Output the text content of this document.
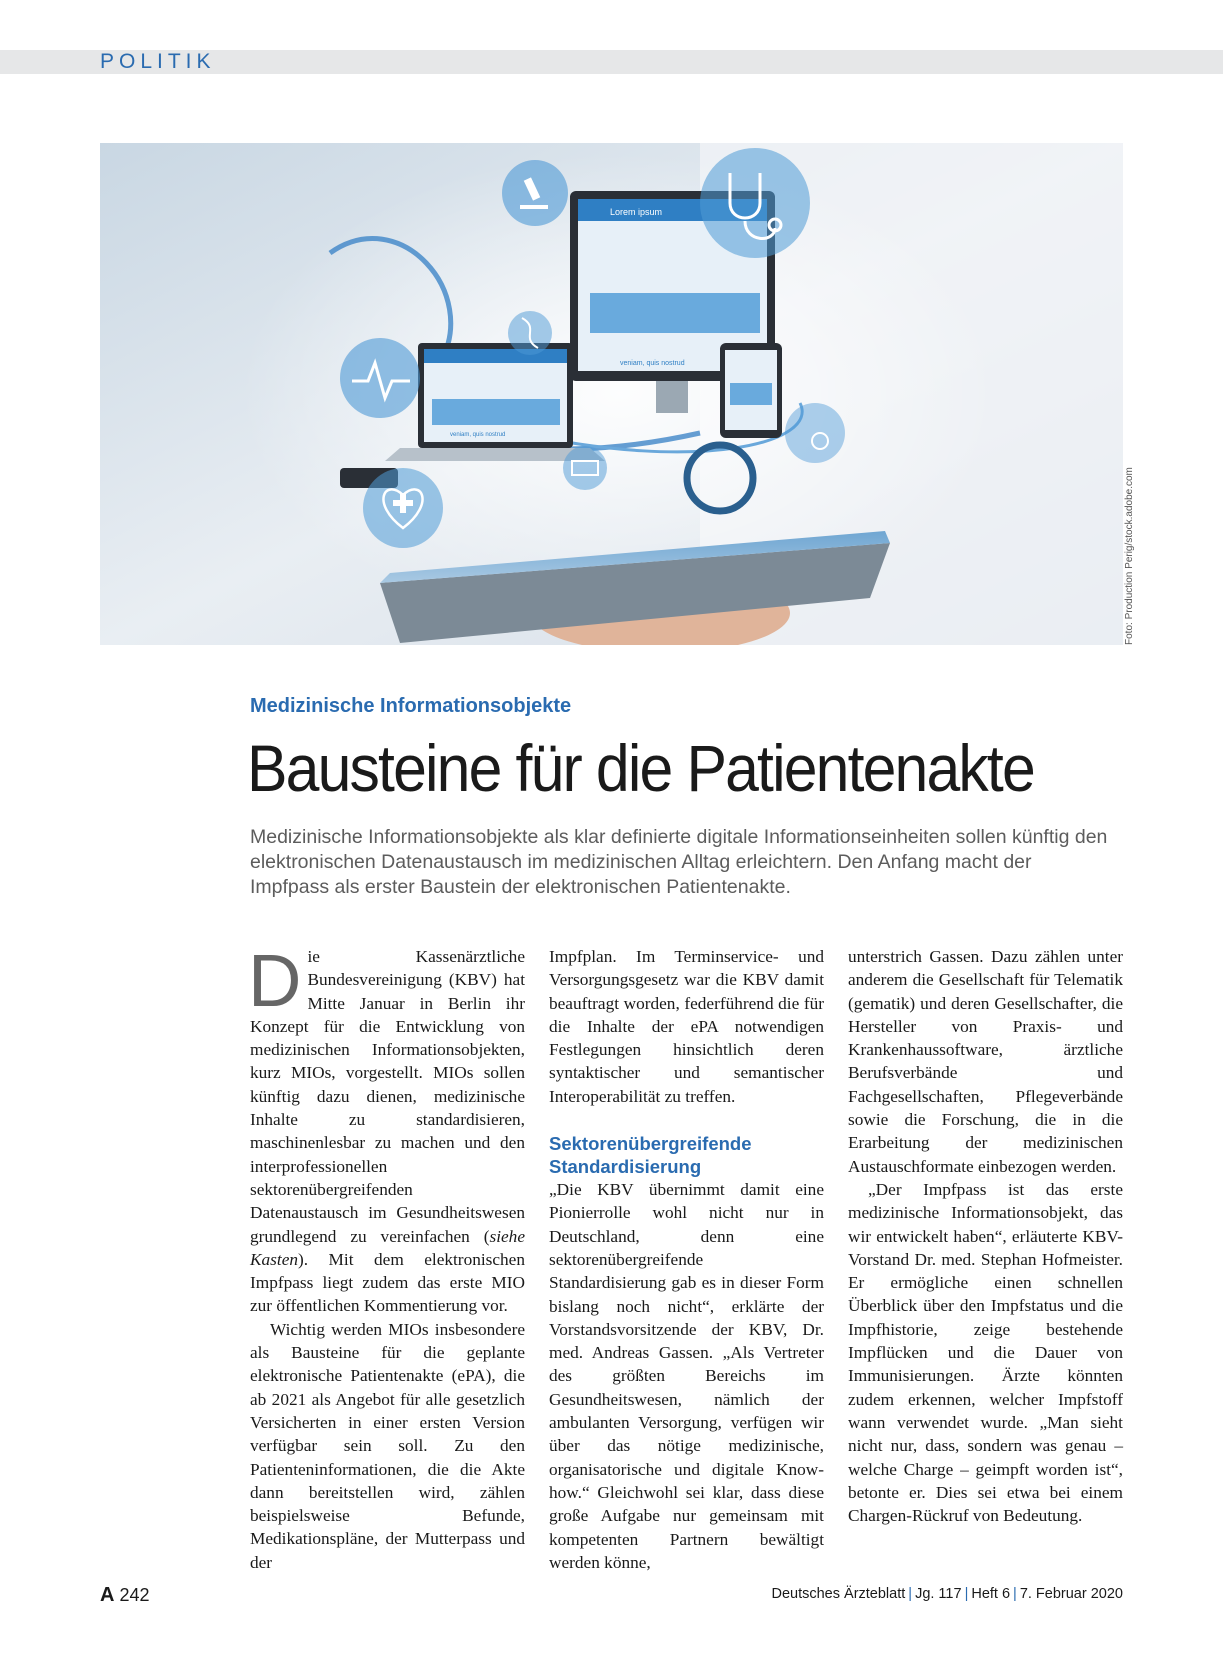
POLITIK
Lorem ipsum
veniam, quis nostrud
veniam, quis nostrud
Foto: Production Perig/stock.adobe.com
Medizinische Informationsobjekte
Bausteine für die Patientenakte

Medizinische Informationsobjekte als klar definierte digitale Informationseinheiten sollen künftig den elektronischen Datenaustausch im medizinischen Alltag erleichtern. Den Anfang macht der Impfpass als erster Baustein der elektronischen Patientenakte.

Die Kassenärztliche Bundesvereinigung (KBV) hat Mitte Januar in Berlin ihr Konzept für die Entwicklung von medizinischen Informationsobjekten, kurz MIOs, vorgestellt. MIOs sollen künftig dazu dienen, medizinische Inhalte zu standardisieren, maschinenlesbar zu machen und den interprofessionellen sektorenübergreifenden Datenaustausch im Gesundheitswesen grundlegend zu vereinfachen (siehe Kasten). Mit dem elektronischen Impfpass liegt zudem das erste MIO zur öffentlichen Kommentierung vor.

Wichtig werden MIOs insbesondere als Bausteine für die geplante elektronische Patientenakte (ePA), die ab 2021 als Angebot für alle gesetzlich Versicherten in einer ersten Version verfügbar sein soll. Zu den Patienteninformationen, die die Akte dann bereitstellen wird, zählen beispielsweise Befunde, Medikationspläne, der Mutterpass und der

Impfplan. Im Terminservice- und Versorgungsgesetz war die KBV damit beauftragt worden, federführend die für die Inhalte der ePA notwendigen Festlegungen hinsichtlich deren syntaktischer und semantischer Interoperabilität zu treffen.

Sektorenübergreifende Standardisierung

„Die KBV übernimmt damit eine Pionierrolle wohl nicht nur in Deutschland, denn eine sektorenübergreifende Standardisierung gab es in dieser Form bislang noch nicht“, erklärte der Vorstandsvorsitzende der KBV, Dr. med. Andreas Gassen. „Als Vertreter des größten Bereichs im Gesundheitswesen, nämlich der ambulanten Versorgung, verfügen wir über das nötige medizinische, organisatorische und digitale Know-how.“ Gleichwohl sei klar, dass diese große Aufgabe nur gemeinsam mit kompetenten Partnern bewältigt werden könne,

unterstrich Gassen. Dazu zählen unter anderem die Gesellschaft für Telematik (gematik) und deren Gesellschafter, die Hersteller von Praxis- und Krankenhaussoftware, ärztliche Berufsverbände und Fachgesellschaften, Pflegeverbände sowie die Forschung, die in die Erarbeitung der medizinischen Austauschformate einbezogen werden.

„Der Impfpass ist das erste medizinische Informationsobjekt, das wir entwickelt haben“, erläuterte KBV-Vorstand Dr. med. Stephan Hofmeister. Er ermögliche einen schnellen Überblick über den Impfstatus und die Impfhistorie, zeige bestehende Impflücken und die Dauer von Immunisierungen. Ärzte könnten zudem erkennen, welcher Impfstoff wann verwendet wurde. „Man sieht nicht nur, dass, sondern was genau – welche Charge – geimpft worden ist“, betonte er. Dies sei etwa bei einem Chargen-Rückruf von Bedeutung.

A 242	Deutsches Ärzteblatt | Jg. 117 | Heft 6 | 7. Februar 2020
